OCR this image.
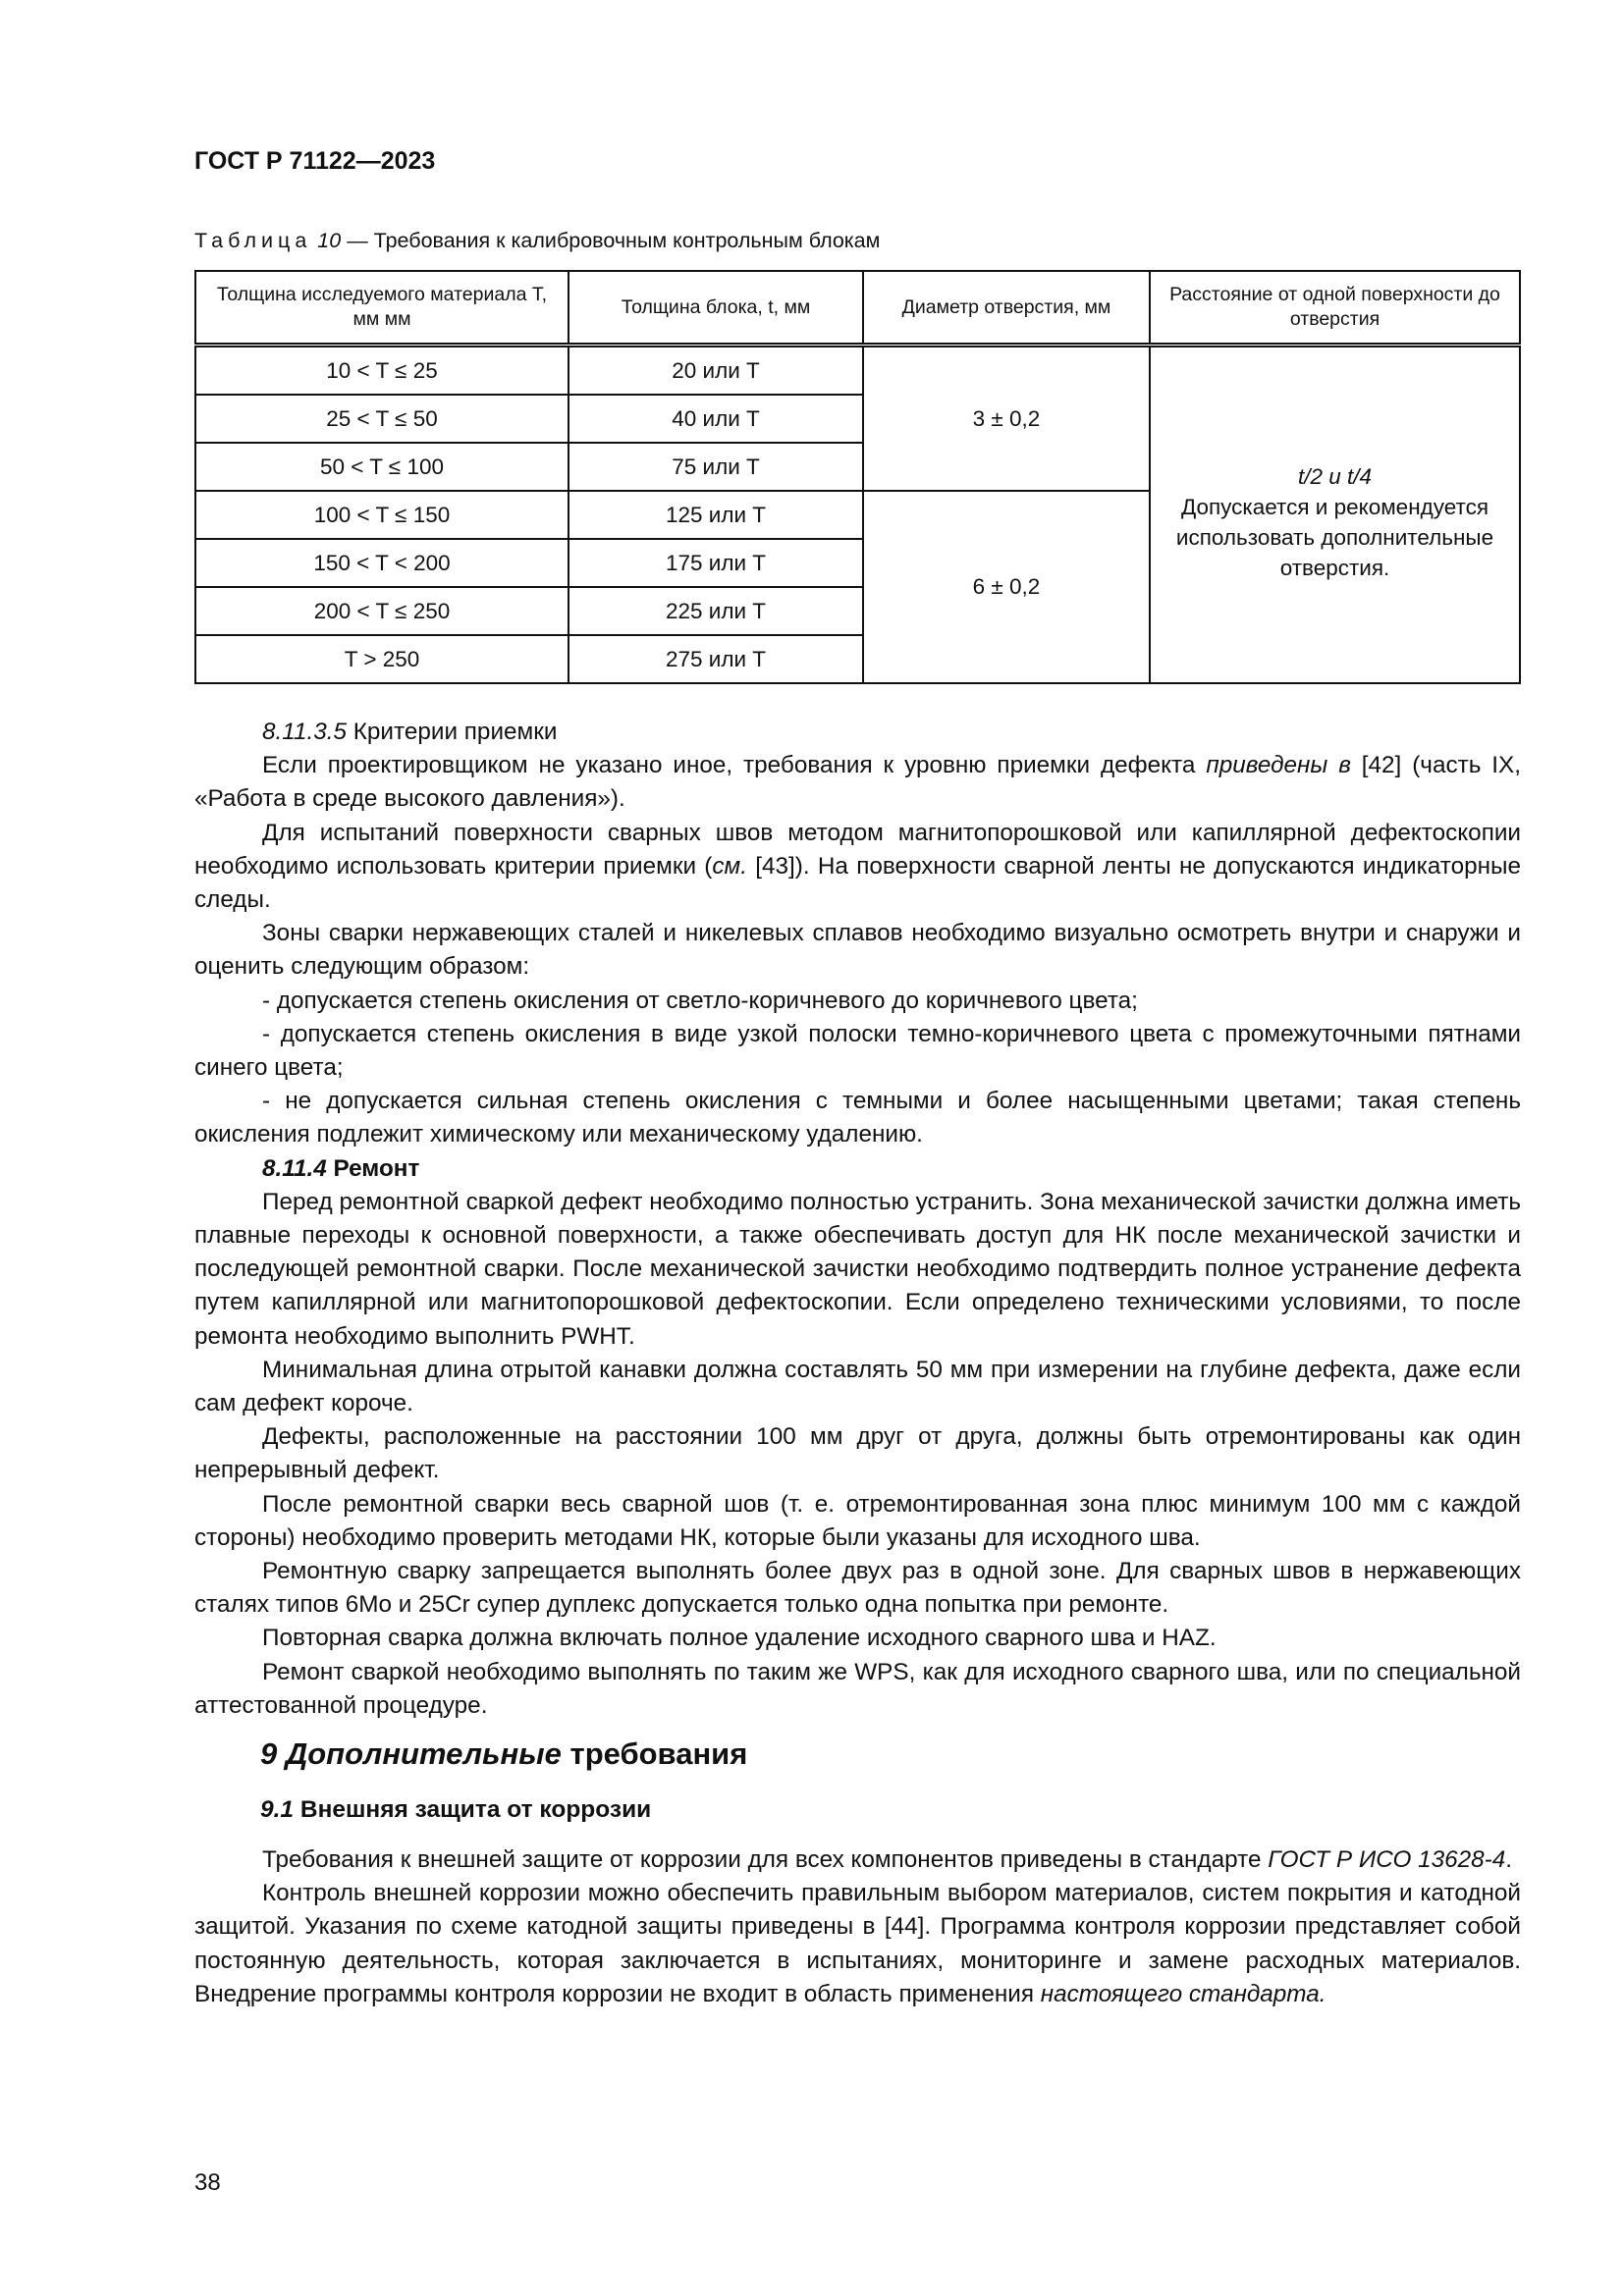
ГОСТ Р 71122—2023
Таблица 10 — Требования к калибровочным контрольным блокам
Толщина исследуемого материала T, мм мм	Толщина блока, t, мм	Диаметр отверстия, мм	Расстояние от одной поверхности до отверстия
10 < T ≤ 25	20 или T	3 ± 0,2	t/2 и t/4
Допускается и рекомендуется использовать дополнительные отверстия.

25 < T ≤ 50	40 или T		
50 < T ≤ 100	75 или T		
100 < T ≤ 150	125 или T	6 ± 0,2	
150 < T < 200	175 или T		
200 < T ≤ 250	225 или T		
T > 250	275 или T		

8.11.3.5 Критерии приемки

Если проектировщиком не указано иное, требования к уровню приемки дефекта приведены в [42] (часть IX, «Работа в среде высокого давления»).

Для испытаний поверхности сварных швов методом магнитопорошковой или капиллярной дефектоскопии необходимо использовать критерии приемки (см. [43]). На поверхности сварной ленты не допускаются индикаторные следы.

Зоны сварки нержавеющих сталей и никелевых сплавов необходимо визуально осмотреть внутри и снаружи и оценить следующим образом:

- допускается степень окисления от светло-коричневого до коричневого цвета;

- допускается степень окисления в виде узкой полоски темно-коричневого цвета с промежуточными пятнами синего цвета;

- не допускается сильная степень окисления с темными и более насыщенными цветами; такая степень окисления подлежит химическому или механическому удалению.

8.11.4 Ремонт

Перед ремонтной сваркой дефект необходимо полностью устранить. Зона механической зачистки должна иметь плавные переходы к основной поверхности, а также обеспечивать доступ для НК после механической зачистки и последующей ремонтной сварки. После механической зачистки необходимо подтвердить полное устранение дефекта путем капиллярной или магнитопорошковой дефектоскопии. Если определено техническими условиями, то после ремонта необходимо выполнить PWHT.

Минимальная длина отрытой канавки должна составлять 50 мм при измерении на глубине дефекта, даже если сам дефект короче.

Дефекты, расположенные на расстоянии 100 мм друг от друга, должны быть отремонтированы как один непрерывный дефект.

После ремонтной сварки весь сварной шов (т. е. отремонтированная зона плюс минимум 100 мм с каждой стороны) необходимо проверить методами НК, которые были указаны для исходного шва.

Ремонтную сварку запрещается выполнять более двух раз в одной зоне. Для сварных швов в нержавеющих сталях типов 6Mo и 25Cr супер дуплекс допускается только одна попытка при ремонте.

Повторная сварка должна включать полное удаление исходного сварного шва и HAZ.

Ремонт сваркой необходимо выполнять по таким же WPS, как для исходного сварного шва, или по специальной аттестованной процедуре.

9 Дополнительные требования
9.1 Внешняя защита от коррозии

Требования к внешней защите от коррозии для всех компонентов приведены в стандарте ГОСТ Р ИСО 13628-4.

Контроль внешней коррозии можно обеспечить правильным выбором материалов, систем покрытия и катодной защитой. Указания по схеме катодной защиты приведены в [44]. Программа контроля коррозии представляет собой постоянную деятельность, которая заключается в испытаниях, мониторинге и замене расходных материалов. Внедрение программы контроля коррозии не входит в область применения настоящего стандарта.

38
